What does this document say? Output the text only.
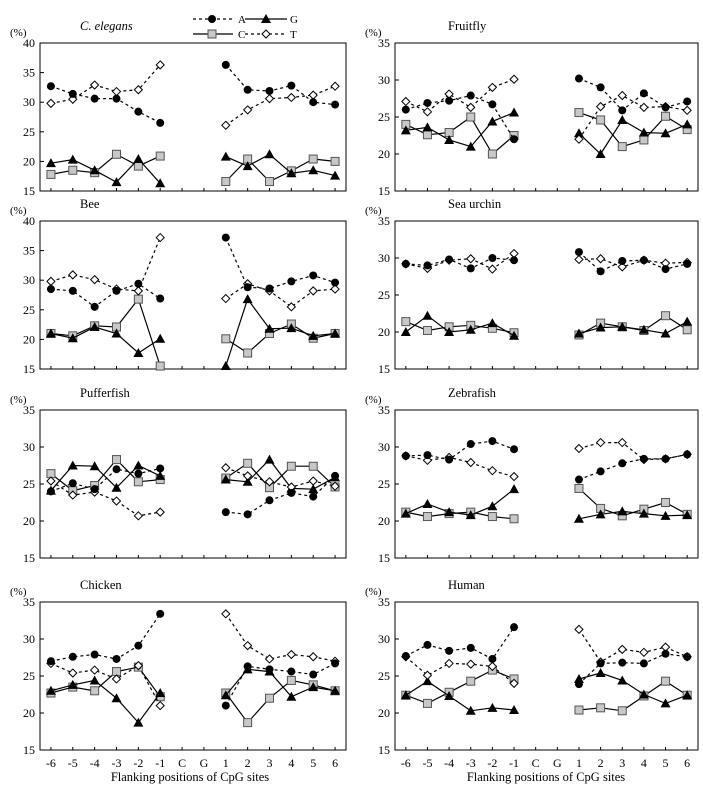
15
20
25
30
35
40
(%)	C. elegans
15
20
25
30
35
(%)	Fruitfly
15
20
25
30
35
40
(%)	Bee
15
20
25
30
35
(%)	Sea urchin
15
20
25
30
35
(%)	Pufferfish
15
20
25
30
35
(%)	Zebrafish
15
20
25
30
35
(%)	Chicken
-6 -5 -4 -3 -2 -1 C G 1 2 3 4 5 6
15
20
25
30
35
(%)	Human
-6 -5 -4 -3 -2 -1 C G 1 2 3 4 5 6
A	G
C	T
Flanking positions of CpG sites	Flanking positions of CpG sites
